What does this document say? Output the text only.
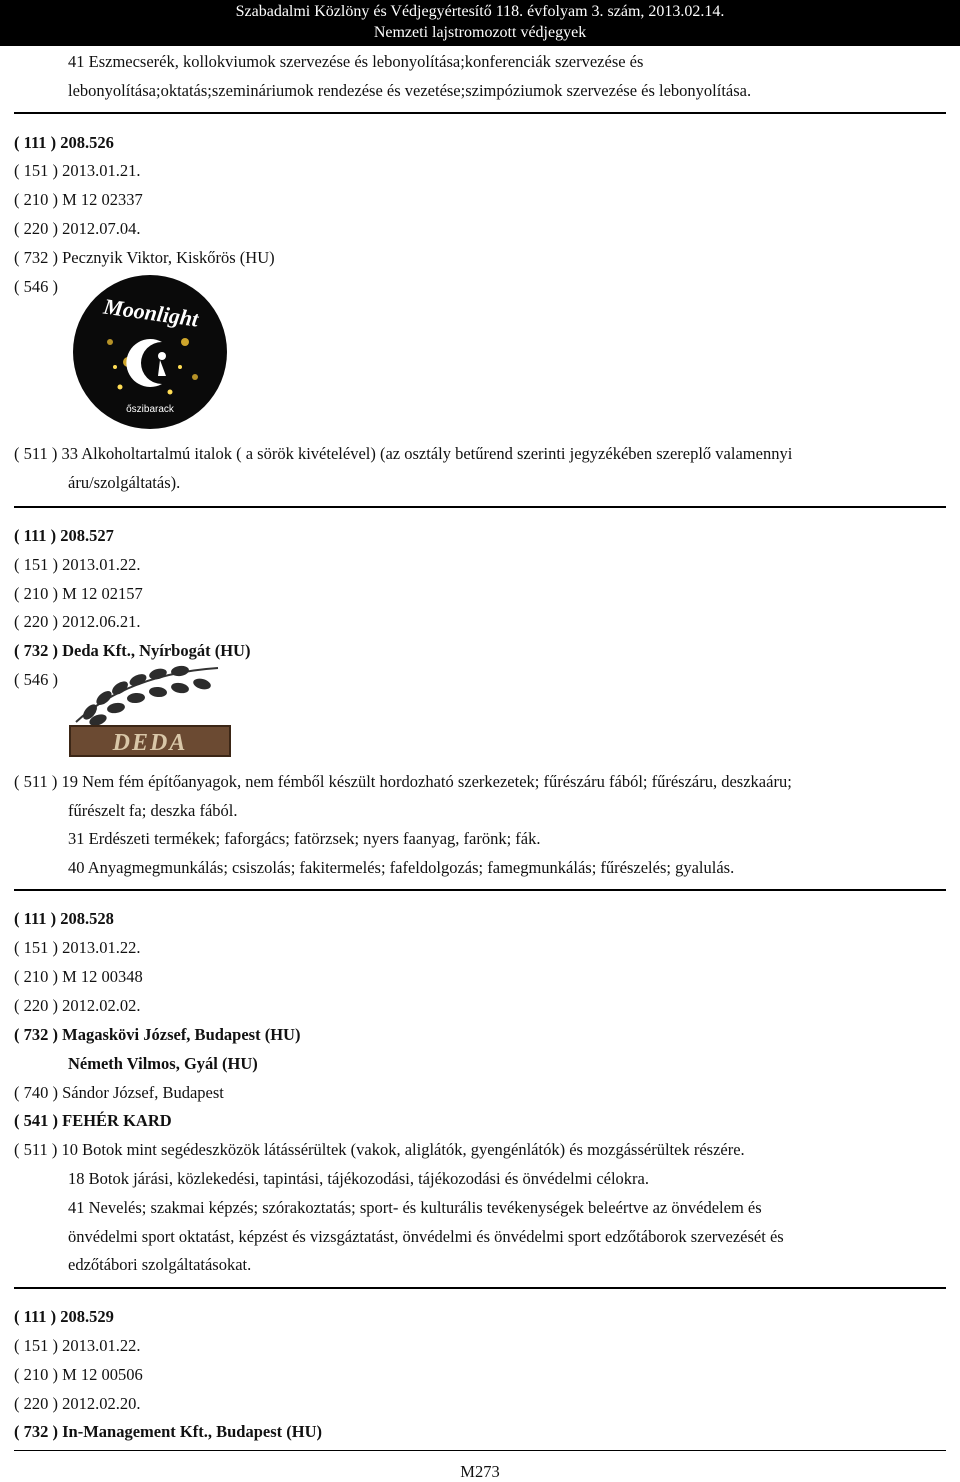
Szabadalmi Közlöny és Védjegyértesítő 118. évfolyam 3. szám, 2013.02.14.
Nemzeti lajstromozott védjegyek
41 Eszmecserék, kollokviumok szervezése és lebonyolítása;konferenciák szervezése és
lebonyolítása;oktatás;szemináriumok rendezése és vezetése;szimpóziumok szervezése és lebonyolítása.
( 111 ) 208.526
( 151 ) 2013.01.21.
( 210 ) M 12 02337
( 220 ) 2012.07.04.
( 732 ) Pecznyik Viktor, Kiskőrös (HU)
( 546 )
Moonlight
őszibarack
( 511 ) 33 Alkoholtartalmú italok ( a sörök kivételével) (az osztály betűrend szerinti jegyzékében szereplő valamennyi
áru/szolgáltatás).
( 111 ) 208.527
( 151 ) 2013.01.22.
( 210 ) M 12 02157
( 220 ) 2012.06.21.
( 732 ) Deda Kft., Nyírbogát (HU)
( 546 )
DEDA
( 511 ) 19 Nem fém építőanyagok, nem fémből készült hordozható szerkezetek; fűrészáru fából; fűrészáru, deszkaáru;
fűrészelt fa; deszka fából.
31 Erdészeti termékek; faforgács; fatörzsek; nyers faanyag, farönk; fák.
40 Anyagmegmunkálás; csiszolás; fakitermelés; fafeldolgozás; famegmunkálás; fűrészelés; gyalulás.
( 111 ) 208.528
( 151 ) 2013.01.22.
( 210 ) M 12 00348
( 220 ) 2012.02.02.
( 732 ) Magaskövi József, Budapest (HU)
Németh Vilmos, Gyál (HU)
( 740 ) Sándor József, Budapest
( 541 ) FEHÉR KARD
( 511 ) 10 Botok mint segédeszközök látássérültek (vakok, aliglátók, gyengénlátók) és mozgássérültek részére.
18 Botok járási, közlekedési, tapintási, tájékozodási, tájékozodási és önvédelmi célokra.
41 Nevelés; szakmai képzés; szórakoztatás; sport- és kulturális tevékenységek beleértve az önvédelem és
önvédelmi sport oktatást, képzést és vizsgáztatást, önvédelmi és önvédelmi sport edzőtáborok szervezését és
edzőtábori szolgáltatásokat.
( 111 ) 208.529
( 151 ) 2013.01.22.
( 210 ) M 12 00506
( 220 ) 2012.02.20.
( 732 ) In-Management Kft., Budapest (HU)
M273
